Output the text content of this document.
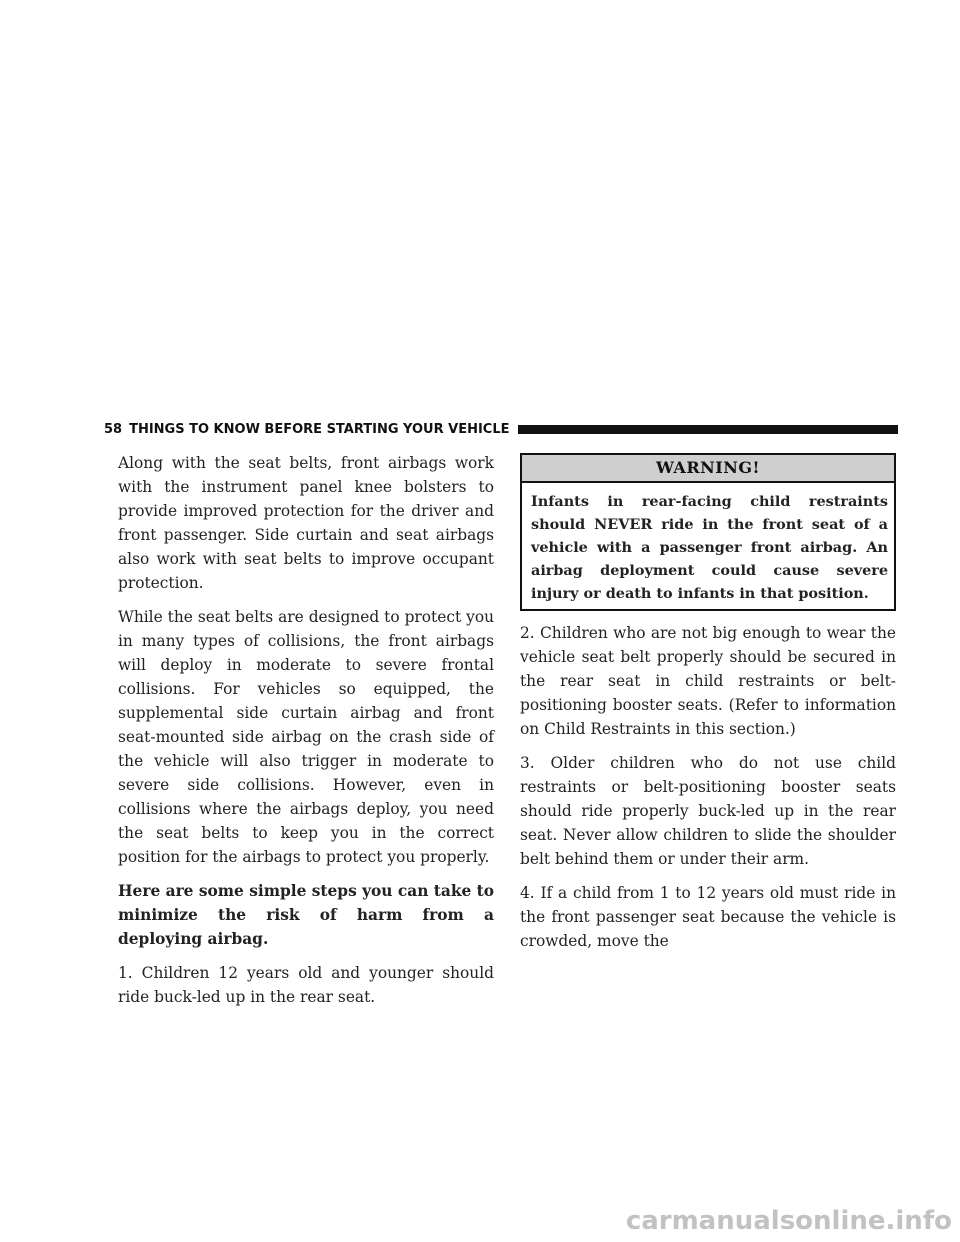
58 THINGS TO KNOW BEFORE STARTING YOUR VEHICLE

Along with the seat belts, front airbags work with the instrument panel knee bolsters to provide improved protection for the driver and front passenger. Side curtain and seat airbags also work with seat belts to improve occupant protection.

While the seat belts are designed to protect you in many types of collisions, the front airbags will deploy in moderate to severe frontal collisions. For vehicles so equipped, the supplemental side curtain airbag and front seat-mounted side airbag on the crash side of the vehicle will also trigger in moderate to severe side collisions. However, even in collisions where the airbags deploy, you need the seat belts to keep you in the correct position for the airbags to protect you properly.

Here are some simple steps you can take to minimize the risk of harm from a deploying airbag.

1. Children 12 years old and younger should ride buck-led up in the rear seat.

WARNING!
Infants in rear-facing child restraints should NEVER ride in the front seat of a vehicle with a passenger front airbag. An airbag deployment could cause severe injury or death to infants in that position.

2. Children who are not big enough to wear the vehicle seat belt properly should be secured in the rear seat in child restraints or belt-positioning booster seats. (Refer to information on Child Restraints in this section.)

3. Older children who do not use child restraints or belt-positioning booster seats should ride properly buck-led up in the rear seat. Never allow children to slide the shoulder belt behind them or under their arm.

4. If a child from 1 to 12 years old must ride in the front passenger seat because the vehicle is crowded, move the

carmanualsonline.info
